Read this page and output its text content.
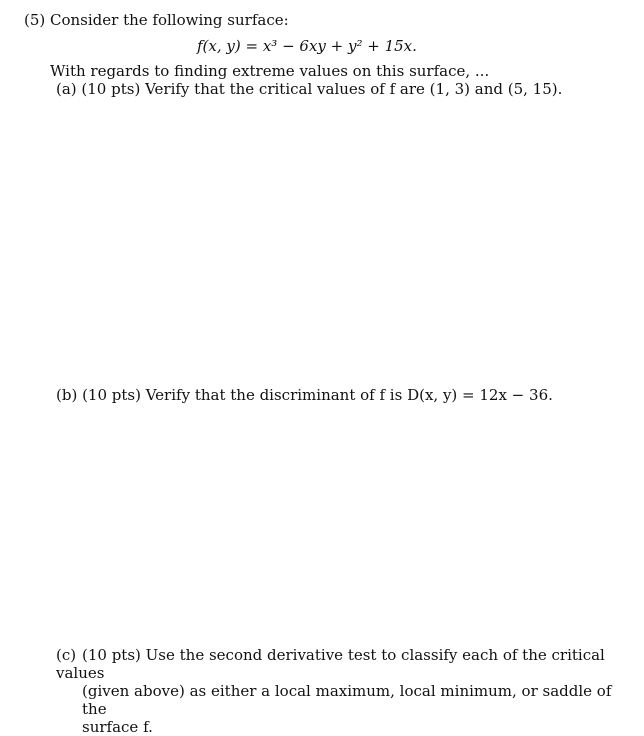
(5) Consider the following surface:
f(x, y) = x³ − 6xy + y² + 15x.
With regards to finding extreme values on this surface, ...
(a) (10 pts) Verify that the critical values of f are (1, 3) and (5, 15).
(b) (10 pts) Verify that the discriminant of f is D(x, y) = 12x − 36.
(c) (10 pts) Use the second derivative test to classify each of the critical values
(given above) as either a local maximum, local minimum, or saddle of the
surface f.
